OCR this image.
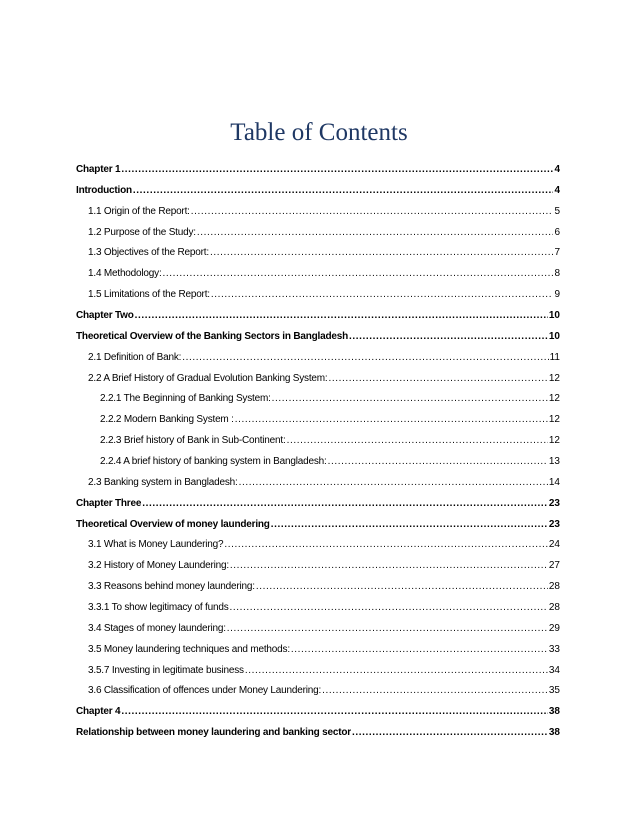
Table of Contents
Chapter 1 .....	4
Introduction .....	4
1.1 Origin of the Report: .....	5
1.2 Purpose of the Study: .....	6
1.3 Objectives of the Report: .....	7
1.4 Methodology: .....	8
1.5 Limitations of the Report: .....	9
Chapter Two .....	10
Theoretical Overview of the Banking Sectors in Bangladesh .....	10
2.1 Definition of Bank: .....	11
2.2 A Brief History of Gradual Evolution Banking System: .....	12
2.2.1 The Beginning of Banking System: .....	12
2.2.2 Modern Banking System : .....	12
2.2.3 Brief history of Bank in Sub-Continent: .....	12
2.2.4 A brief history of banking system in Bangladesh: .....	13
2.3 Banking system in Bangladesh: .....	14
Chapter Three .....	23
Theoretical Overview of money laundering .....	23
3.1 What is Money Laundering? .....	24
3.2 History of Money Laundering: .....	27
3.3 Reasons behind money laundering: .....	28
3.3.1 To show legitimacy of funds .....	28
3.4 Stages of money laundering: .....	29
3.5 Money laundering techniques and methods: .....	33
3.5.7 Investing in legitimate business .....	34
3.6 Classification of offences under Money Laundering: .....	35
Chapter 4 .....	38
Relationship between money laundering and banking sector .....	38
